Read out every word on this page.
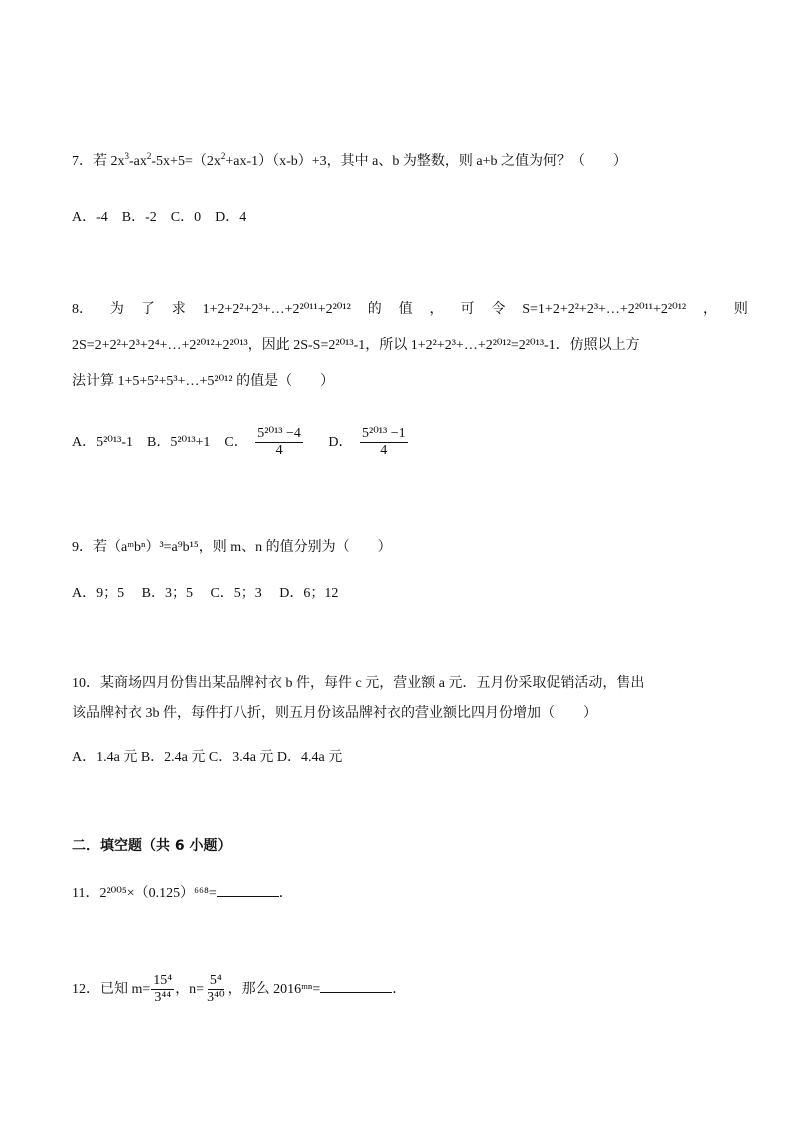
7．若 $2x^3-ax^2-5x+5=(2x^2+ax-1)(x-b)+3$，其中 a、b 为整数，则 a+b 之值为何？（　　）
A．-4　B．-2　C．0　D．4
8． 为 了 求 1+2+2²+2³+…+2²⁰¹¹+2²⁰¹² 的 值 ， 可 令 S=1+2+2²+2³+…+2²⁰¹¹+2²⁰¹² ， 则
2S=2+2²+2³+2⁴+…+2²⁰¹²+2²⁰¹³，因此 2S-S=2²⁰¹³-1，所以 1+2²+2³+…+2²⁰¹²=2²⁰¹³-1．仿照以上方
法计算 1+5+5²+5³+…+5²⁰¹² 的值是（　　）
A．5²⁰¹³-1　B．5²⁰¹³+1　C． $\frac{\text{5²⁰¹³ −4}}{4}$ D． $\frac{\text{5²⁰¹³ −1}}{4}$
9．若（aᵐbⁿ）³=a⁹b¹⁵，则 m、n 的值分别为（　　）
A．9；5　 B．3；5　 C．5；3　 D．6；12
10．某商场四月份售出某品牌衬衣 b 件，每件 c 元，营业额 a 元．五月份采取促销活动，售出
该品牌衬衣 3b 件，每件打八折，则五月份该品牌衬衣的营业额比四月份增加（　　）
A．1.4a 元 B．2.4a 元 C．3.4a 元 D．4.4a 元
二．填空题（共 6 小题）
11．2²⁰⁰⁵×（0.125）⁶⁶⁸=	．
12．已知 $m= \frac{\text{15⁴}}{\text{3⁴⁴}}$ ，$n= \frac{\text{5⁴}}{\text{3⁴⁰}}$ ，那么 2016ᵐⁿ=	．
